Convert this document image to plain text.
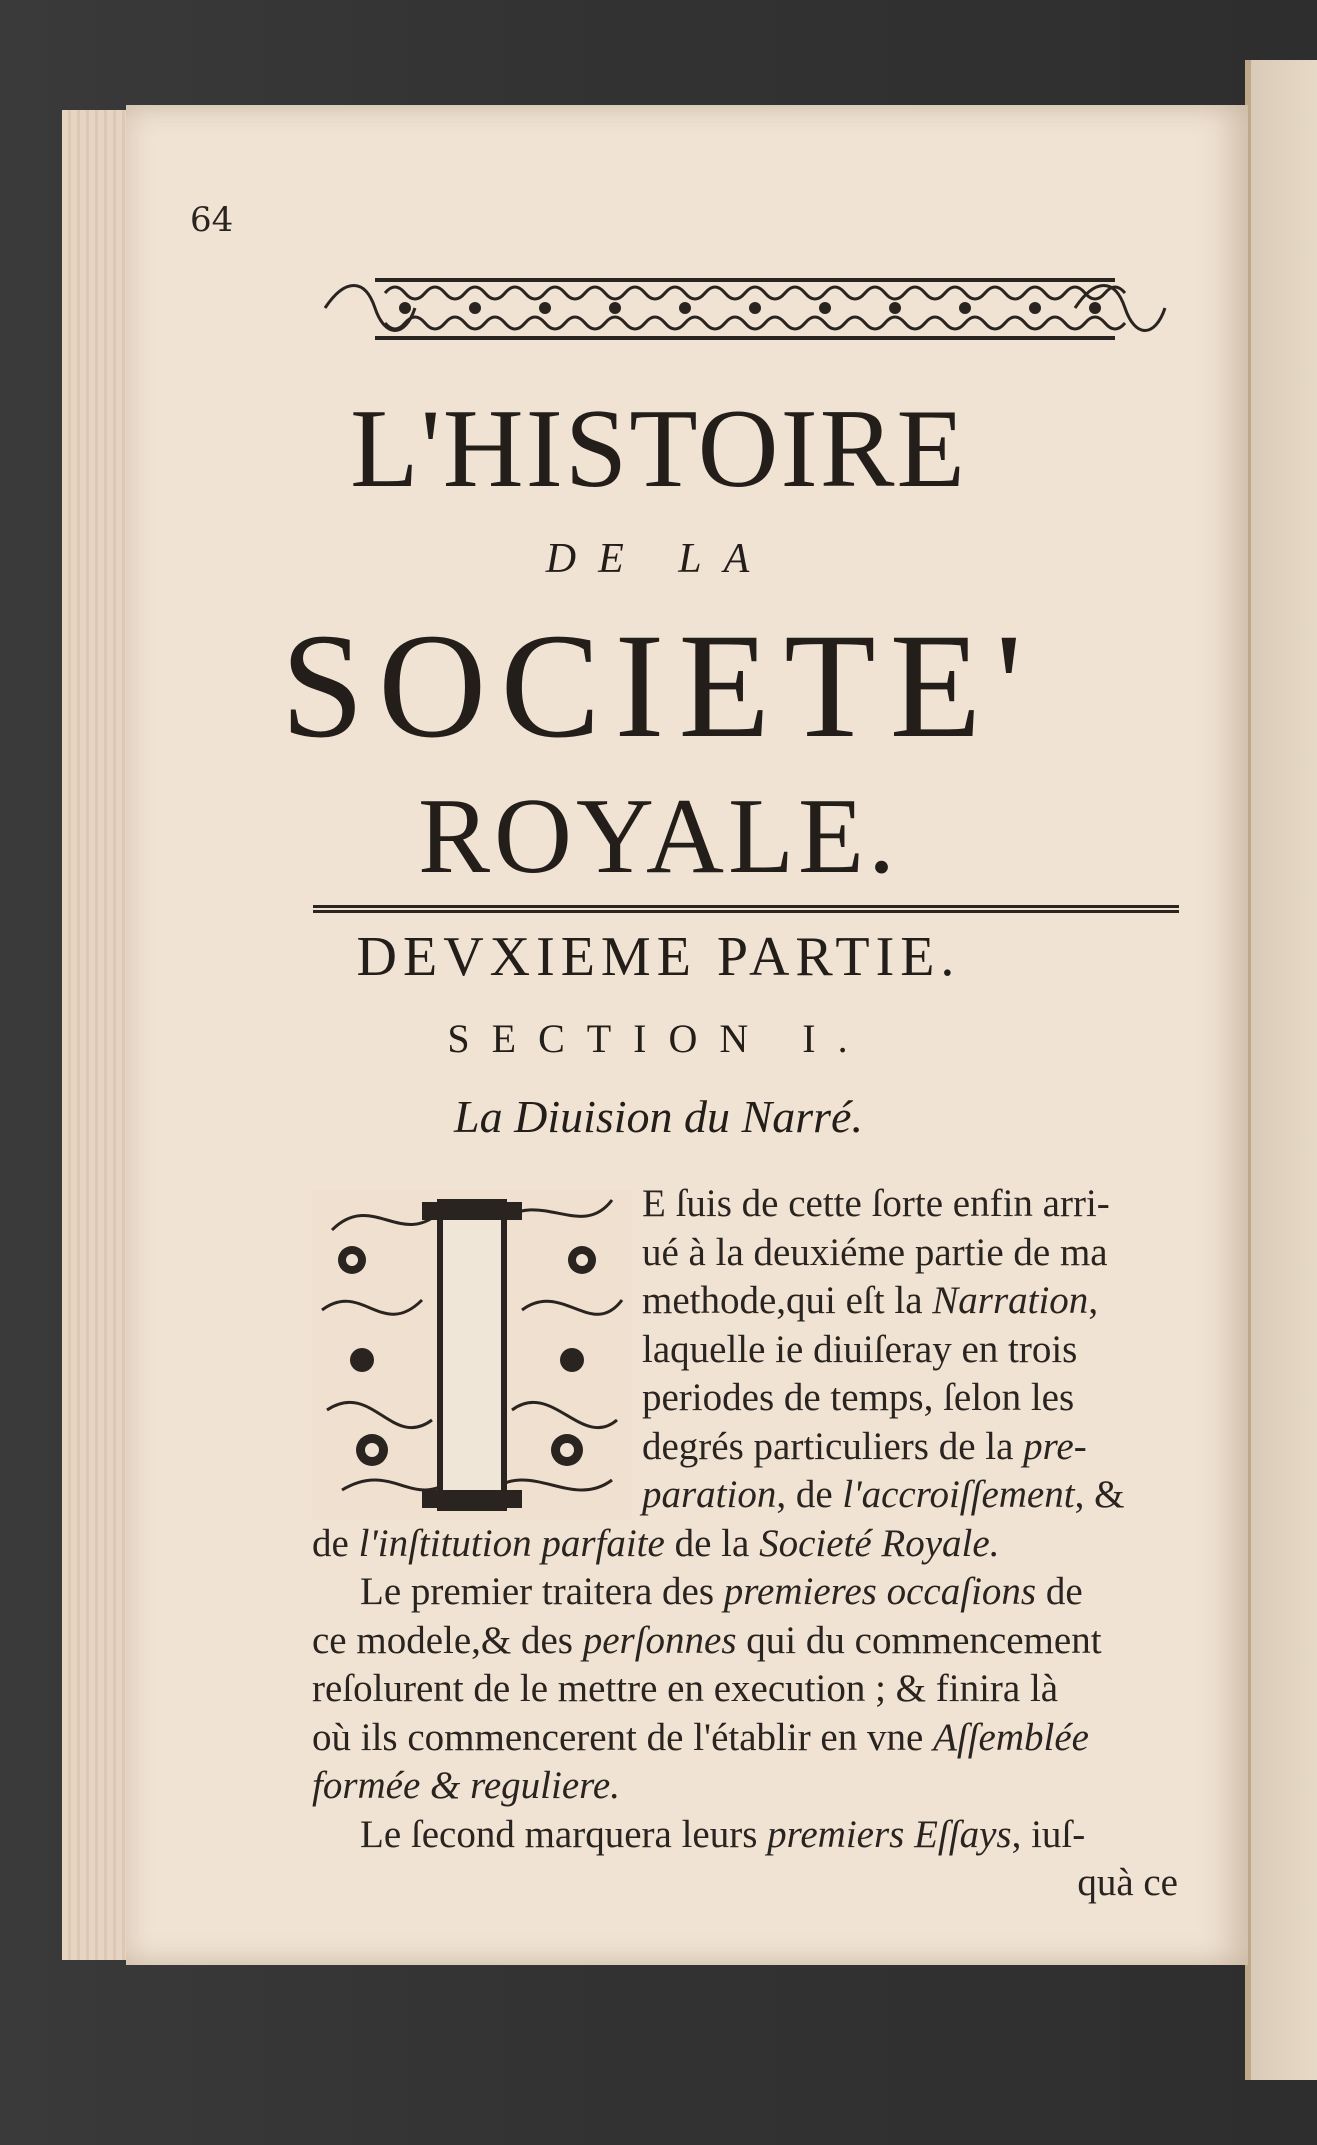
64
L'HISTOIRE
DE LA
SOCIETE'
ROYALE.
DEVXIEME PARTIE.
SECTION I.
La Diuision du Narré.
E ſuis de cette ſorte enfin arri-
ué à la deuxiéme partie de ma
methode,qui eſt la Narration,
laquelle ie diuiſeray en trois
periodes de temps, ſelon les
degrés particuliers de la pre-
paration, de l'accroiſſement, &
de l'inſtitution parfaite de la Societé Royale.
Le premier traitera des premieres occaſions de
ce modele,& des perſonnes qui du commencement
reſolurent de le mettre en execution ; & finira là
où ils commencerent de l'établir en vne Aſſemblée
formée & reguliere.
Le ſecond marquera leurs premiers Eſſays, iuſ-
quà ce
